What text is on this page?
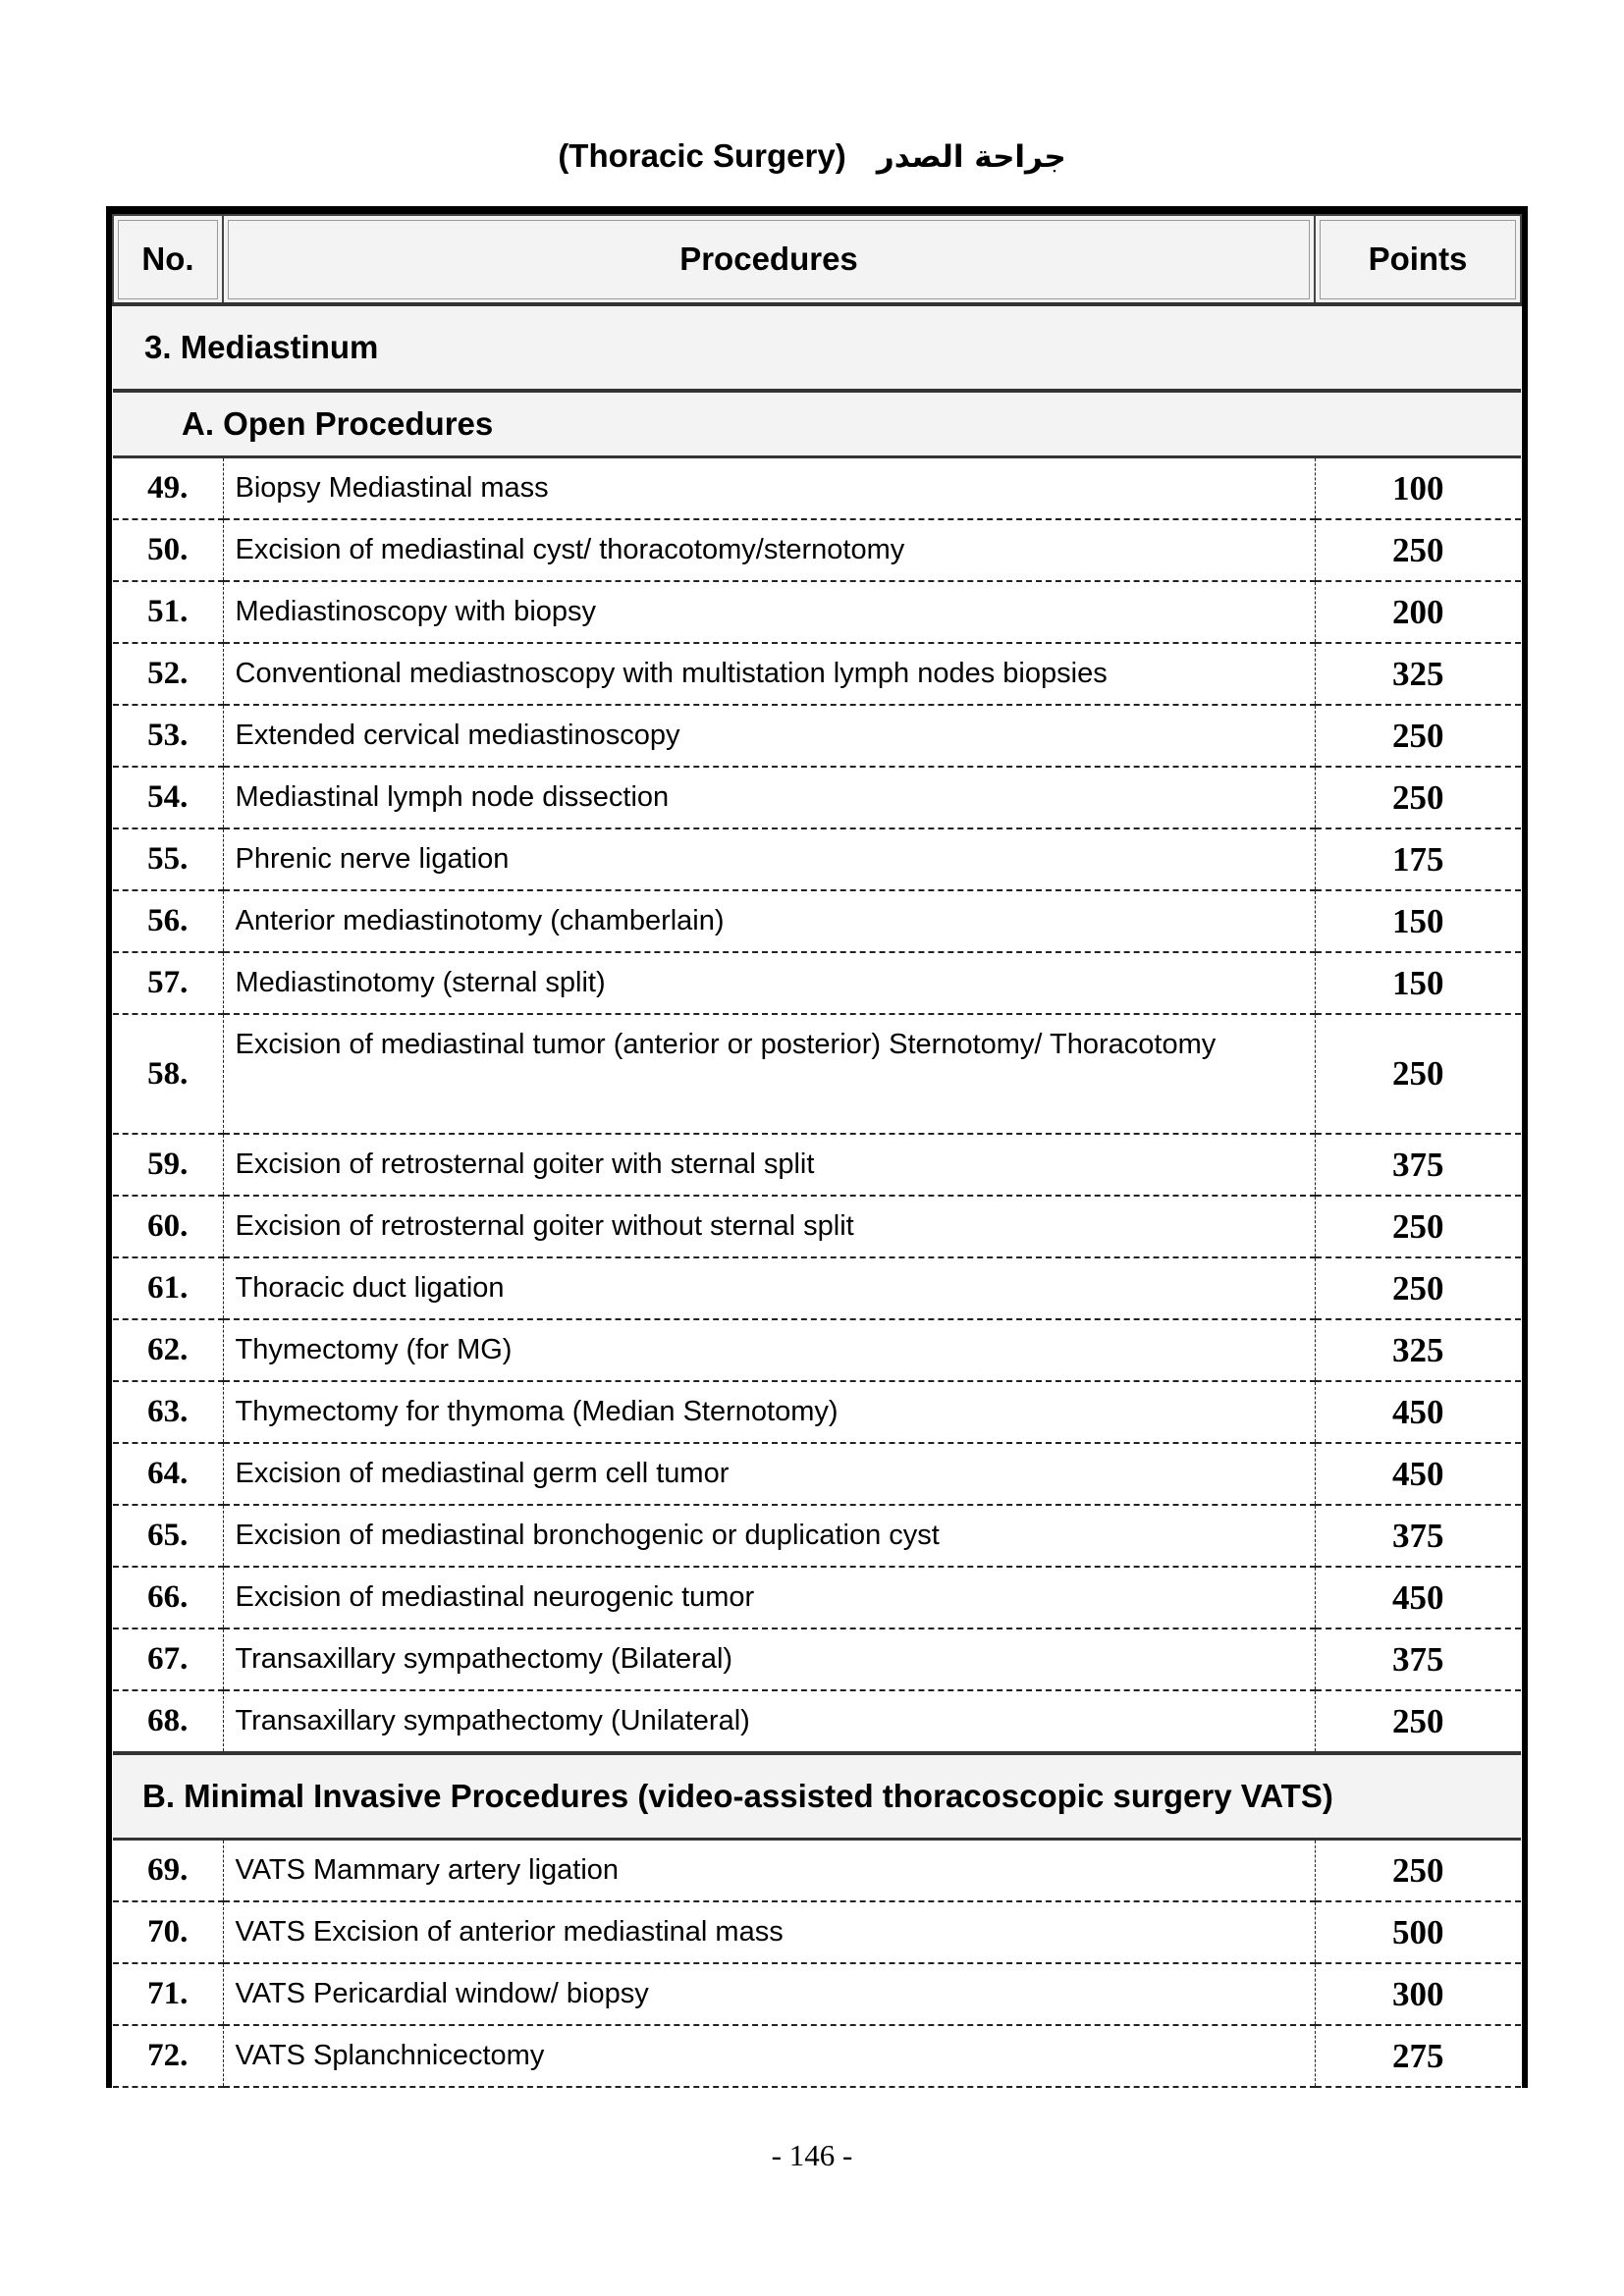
(Thoracic Surgery) جراحة الصدر
No.	Procedures	Points
3. Mediastinum		
A. Open Procedures		
49.	Biopsy Mediastinal mass	100
50.	Excision of mediastinal cyst/ thoracotomy/sternotomy	250
51.	Mediastinoscopy with biopsy	200
52.	Conventional mediastnoscopy with multistation lymph nodes biopsies	325
53.	Extended cervical mediastinoscopy	250
54.	Mediastinal lymph node dissection	250
55.	Phrenic nerve ligation	175
56.	Anterior mediastinotomy (chamberlain)	150
57.	Mediastinotomy (sternal split)	150
58.	Excision of mediastinal tumor (anterior or posterior) Sternotomy/ Thoracotomy	250
59.	Excision of retrosternal goiter with sternal split	375
60.	Excision of retrosternal goiter without sternal split	250
61.	Thoracic duct ligation	250
62.	Thymectomy (for MG)	325
63.	Thymectomy for thymoma (Median Sternotomy)	450
64.	Excision of mediastinal germ cell tumor	450
65.	Excision of mediastinal bronchogenic or duplication cyst	375
66.	Excision of mediastinal neurogenic tumor	450
67.	Transaxillary sympathectomy (Bilateral)	375
68.	Transaxillary sympathectomy (Unilateral)	250
B. Minimal Invasive Procedures (video-assisted thoracoscopic surgery VATS)		
69.	VATS Mammary artery ligation	250
70.	VATS Excision of anterior mediastinal mass	500
71.	VATS Pericardial window/ biopsy	300
72.	VATS Splanchnicectomy	275
- 146 -
